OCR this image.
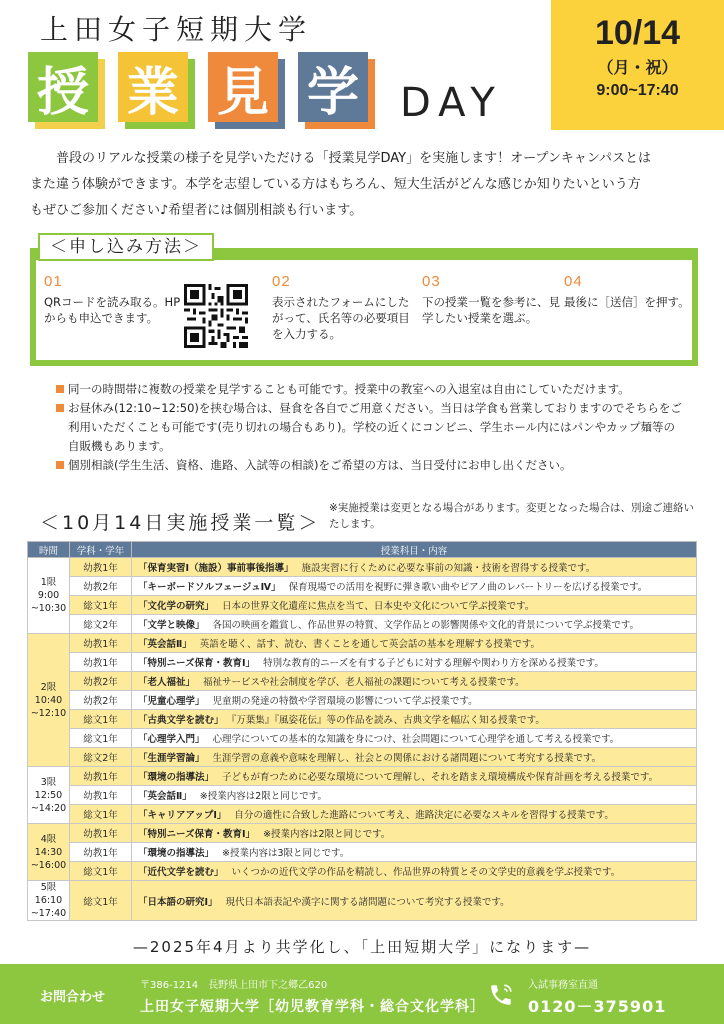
上田女子短期大学
授 業 見 学 DAY
10/14
（月・祝）
9:00~17:40
普段のリアルな授業の様子を見学いただける「授業見学DAY」を実施します！オープンキャンパスとは
また違う体験ができます。本学を志望している方はもちろん、短大生活がどんな感じか知りたいという方
もぜひご参加ください♪希望者には個別相談も行います。
＜申し込み方法＞
01
QRコードを読み取る。HPからも申込できます。
02
表示されたフォームにしたがって、氏名等の必要項目を入力する。
03
下の授業一覧を参考に、見学したい授業を選ぶ。
04
最後に［送信］を押す。
同一の時間帯に複数の授業を見学することも可能です。授業中の教室への入退室は自由にしていただけます。
お昼休み(12:10~12:50)を挟む場合は、昼食を各自でご用意ください。当日は学食も営業しておりますのでそちらをご利用いただくことも可能です(売り切れの場合もあり)。学校の近くにコンビニ、学生ホール内にはパンやカップ麺等の自販機もあります。
個別相談(学生生活、資格、進路、入試等の相談)をご希望の方は、当日受付にお申し出ください。
＜10月14日実施授業一覧＞
※実施授業は変更となる場合があります。変更となった場合は、別途ご連絡いたします。
時間	学科・学年	授業科目・内容

1限
9:00
~10:30	幼教1年	「保育実習Ⅰ（施設）事前事後指導」 施設実習に行くために必要な事前の知識・技術を習得する授業です。
	幼教2年	「キーボードソルフェージュⅣ」 保育現場での活用を視野に弾き歌い曲やピアノ曲のレパートリーを広げる授業です。
	総文1年	「文化学の研究」 日本の世界文化遺産に焦点を当て、日本史や文化について学ぶ授業です。
	総文2年	「文学と映像」 各国の映画を鑑賞し、作品世界の特質、文学作品との影響関係や文化的背景について学ぶ授業です。

2限
10:40
~12:10	幼教1年	「英会話Ⅱ」 英語を聴く、話す、読む、書くことを通して英会話の基本を理解する授業です。
	幼教1年	「特別ニーズ保育・教育Ⅰ」 特別な教育的ニーズを有する子どもに対する理解や関わり方を深める授業です。
	幼教2年	「老人福祉」 福祉サービスや社会制度を学び、老人福祉の課題について考える授業です。
	幼教2年	「児童心理学」 児童期の発達の特徴や学習環境の影響について学ぶ授業です。
	総文1年	「古典文学を読む」 『万葉集』『風姿花伝』等の作品を読み、古典文学を幅広く知る授業です。
	総文1年	「心理学入門」 心理学についての基本的な知識を身につけ、社会問題について心理学を通して考える授業です。
	総文2年	「生涯学習論」 生涯学習の意義や意味を理解し、社会との関係における諸問題について考究する授業です。

3限
12:50
~14:20	幼教1年	「環境の指導法」 子どもが育つために必要な環境について理解し、それを踏まえ環境構成や保育計画を考える授業です。
	幼教1年	「英会話Ⅱ」 ※授業内容は2限と同じです。
	総文1年	「キャリアアップⅠ」 自分の適性に合致した進路について考え、進路決定に必要なスキルを習得する授業です。

4限
14:30
~16:00	幼教1年	「特別ニーズ保育・教育Ⅰ」 ※授業内容は2限と同じです。
	幼教1年	「環境の指導法」 ※授業内容は3限と同じです。
	総文1年	「近代文学を読む」 いくつかの近代文学の作品を精読し、作品世界の特質とその文学史的意義を学ぶ授業です。

5限
16:10
~17:40	総文1年	「日本語の研究Ⅰ」 現代日本語表記や漢字に関する諸問題について考究する授業です。
—2025年4月より共学化し、「上田短期大学」になります—
お問合わせ
〒386-1214　長野県上田市下之郷乙620
上田女子短期大学［幼児教育学科・総合文化学科］
入試事務室直通
0120－375901
